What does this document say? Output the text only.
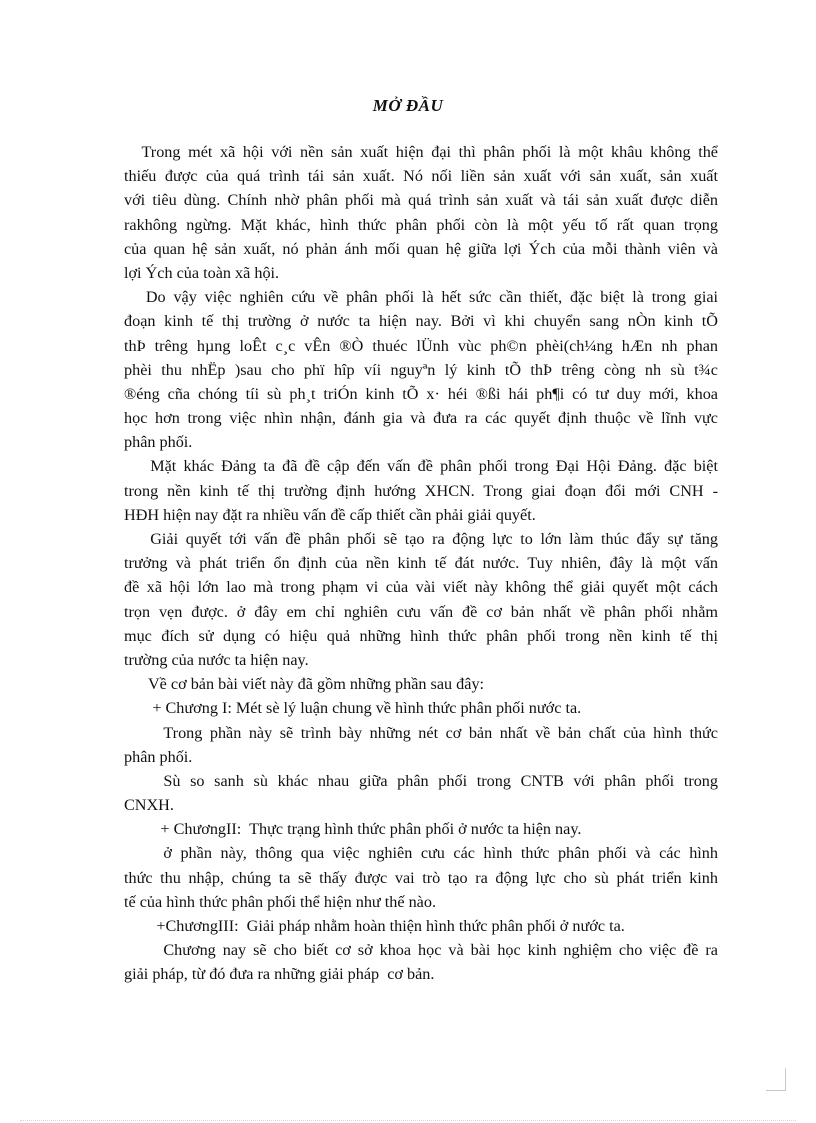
MỞ ĐẦU
Trong mét xã hội với nền sản xuất hiện đại thì phân phối là một khâu không thể
thiếu được của quá trình tái sản xuất. Nó nối liền sản xuất với sản xuất, sản xuất
với tiêu dùng. Chính nhờ phân phối mà quá trình sản xuất và tái sản xuất được diễn
rakhông ngừng. Mặt khác, hình thức phân phối còn là một yếu tố rất quan trọng
của quan hệ sản xuất, nó phản ánh mối quan hệ giữa lợi Ých của mỗi thành viên và
lợi Ých của toàn xã hội.
Do vậy việc nghiên cứu về phân phối là hết sức cần thiết, đặc biệt là trong giai
đoạn kinh tế thị trường ở nước ta hiện nay. Bởi vì khi chuyển sang nÒn kinh tÕ
thÞ trêng hµng loÊt c¸c vÊn ®Ò thuéc lÜnh vùc ph©n phèi(ch¼ng hÆn nh phan
phèi thu nhËp )sau cho phï hîp víi nguyªn lý kinh tÕ thÞ trêng còng nh sù t¾c
®éng cña chóng tíi sù ph¸t triÓn kinh tÕ x· héi ®ßi hái ph¶i có tư duy mới, khoa
học hơn trong việc nhìn nhận, đánh gia và đưa ra các quyết định thuộc về lĩnh vực
phân phối.
Mặt khác Đảng ta đã đề cập đến vấn đề phân phối trong Đại Hội Đảng. đặc biệt
trong nền kinh tế thị trường định hướng XHCN. Trong giai đoạn đổi mới CNH -
HĐH hiện nay đặt ra nhiều vấn đề cấp thiết cần phải giải quyết.
Giải quyết tới vấn đề phân phối sẽ tạo ra động lực to lớn làm thúc đẩy sự tăng
trưởng và phát triển ổn định của nền kinh tế đát nước. Tuy nhiên, đây là một vấn
đề xã hội lớn lao mà trong phạm vi của vài viết này không thể giải quyết một cách
trọn vẹn được. ở đây em chỉ nghiên cưu vấn đề cơ bản nhất về phân phối nhằm
mục đích sử dụng có hiệu quả những hình thức phân phối trong nền kinh tế thị
trường của nước ta hiện nay.
Về cơ bản bài viết này đã gồm những phần sau đây:
+ Chương I: Mét sè lý luận chung về hình thức phân phối nước ta.
Trong phần này sẽ trình bày những nét cơ bản nhất về bản chất của hình thức
phân phối.
Sù so sanh sù khác nhau giữa phân phối trong CNTB với phân phối trong
CNXH.
+ ChươngII:  Thực trạng hình thức phân phối ở nước ta hiện nay.
ở phần này, thông qua việc nghiên cưu các hình thức phân phối và các hình
thức thu nhập, chúng ta sẽ thấy được vai trò tạo ra động lực cho sù phát triển kinh
tế của hình thức phân phối thể hiện như thế nào.
+ChươngIII:  Giải pháp nhằm hoàn thiện hình thức phân phối ở nước ta.
Chương nay sẽ cho biết cơ sở khoa học và bài học kinh nghiệm cho việc đề ra
giải pháp, từ đó đưa ra những giải pháp  cơ bản.
